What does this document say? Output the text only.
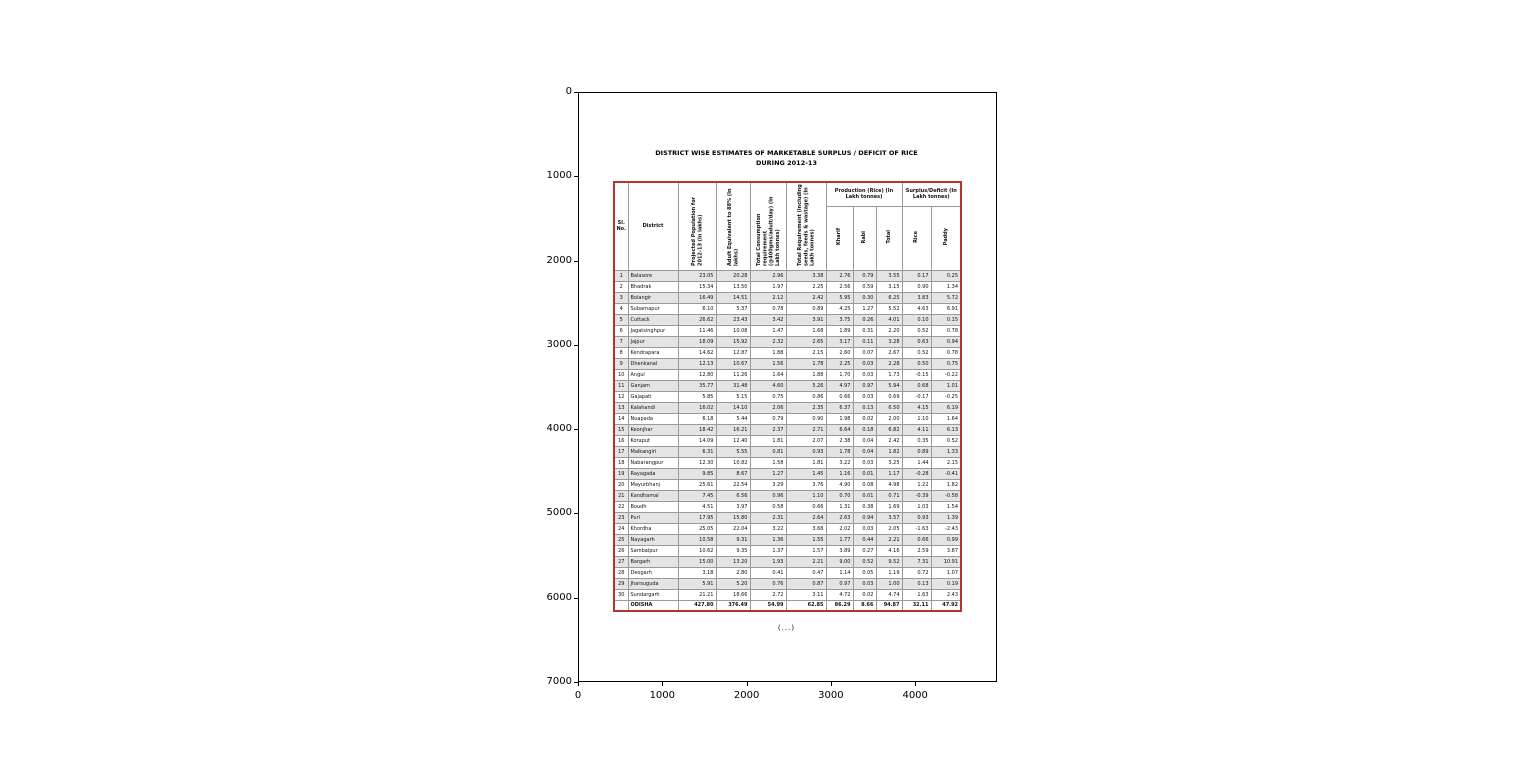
0
1000
2000
3000
4000
5000
6000
7000
0	1000	2000	3000	4000
DISTRICT WISE ESTIMATES OF MARKETABLE SURPLUS / DEFICIT OF RICE
DURING 2012-13
Sl. No.	District	Projected Population for 2012-13 (In lakhs)	Adult Equivalent to 88% (In lakhs)	Total Consumption requirement (@400gms/adult/day) (In Lakh tonnes)	Total Requirement (including seeds, feeds & wastage) (In Lakh tonnes)	Production (Rice) (In Lakh tonnes)			Surplus/Deficit (In Lakh tonnes)	
						Kharif	Rabi	Total	Rice	Paddy
1	Balasore	23.05	20.28	2.96	3.38	2.76	0.79	3.55	0.17	0.25
2	Bhadrak	15.34	13.50	1.97	2.25	2.56	0.59	3.15	0.90	1.34
3	Bolangir	16.49	14.51	2.12	2.42	5.95	0.30	6.25	3.83	5.72
4	Subarnapur	6.10	5.37	0.78	0.89	4.25	1.27	5.52	4.63	6.91
5	Cuttack	26.62	23.43	3.42	3.91	3.75	0.26	4.01	0.10	0.15
6	Jagatsinghpur	11.46	10.08	1.47	1.68	1.89	0.31	2.20	0.52	0.78
7	Jajpur	18.09	15.92	2.32	2.65	3.17	0.11	3.28	0.63	0.94
8	Kendrapara	14.62	12.87	1.88	2.15	2.60	0.07	2.67	0.52	0.78
9	Dhenkanal	12.13	10.67	1.56	1.78	2.25	0.03	2.28	0.50	0.75
10	Angul	12.80	11.26	1.64	1.88	1.70	0.03	1.73	-0.15	-0.22
11	Ganjam	35.77	31.48	4.60	5.26	4.97	0.97	5.94	0.68	1.01
12	Gajapati	5.85	5.15	0.75	0.86	0.66	0.03	0.69	-0.17	-0.25
13	Kalahandi	16.02	14.10	2.06	2.35	6.37	0.13	6.50	4.15	6.19
14	Nuapada	6.18	5.44	0.79	0.90	1.98	0.02	2.00	1.10	1.64
15	Keonjhar	18.42	16.21	2.37	2.71	6.64	0.18	6.82	4.11	6.13
16	Koraput	14.09	12.40	1.81	2.07	2.38	0.04	2.42	0.35	0.52
17	Malkangiri	6.31	5.55	0.81	0.93	1.78	0.04	1.82	0.89	1.33
18	Nabarangpur	12.30	10.82	1.58	1.81	3.22	0.03	3.25	1.44	2.15
19	Rayagada	9.85	8.67	1.27	1.45	1.16	0.01	1.17	-0.28	-0.41
20	Mayurbhanj	25.61	22.54	3.29	3.76	4.90	0.08	4.98	1.22	1.82
21	Kandhamal	7.45	6.56	0.96	1.10	0.70	0.01	0.71	-0.39	-0.58
22	Boudh	4.51	3.97	0.58	0.66	1.31	0.38	1.69	1.03	1.54
23	Puri	17.95	15.80	2.31	2.64	2.63	0.94	3.57	0.93	1.39
24	Khordha	25.05	22.04	3.22	3.68	2.02	0.03	2.05	-1.63	-2.43
25	Nayagarh	10.58	9.31	1.36	1.55	1.77	0.44	2.21	0.66	0.99
26	Sambalpur	10.62	9.35	1.37	1.57	3.89	0.27	4.16	2.59	3.87
27	Bargarh	15.00	13.20	1.93	2.21	9.00	0.52	9.52	7.31	10.91
28	Deogarh	3.18	2.80	0.41	0.47	1.14	0.05	1.19	0.72	1.07
29	Jharsuguda	5.91	5.20	0.76	0.87	0.97	0.03	1.00	0.13	0.19
30	Sundargarh	21.21	18.66	2.72	3.11	4.72	0.02	4.74	1.63	2.43
	ODISHA	427.80	376.49	54.99	62.85	86.29	8.66	94.87	32.11	47.92
(...)
